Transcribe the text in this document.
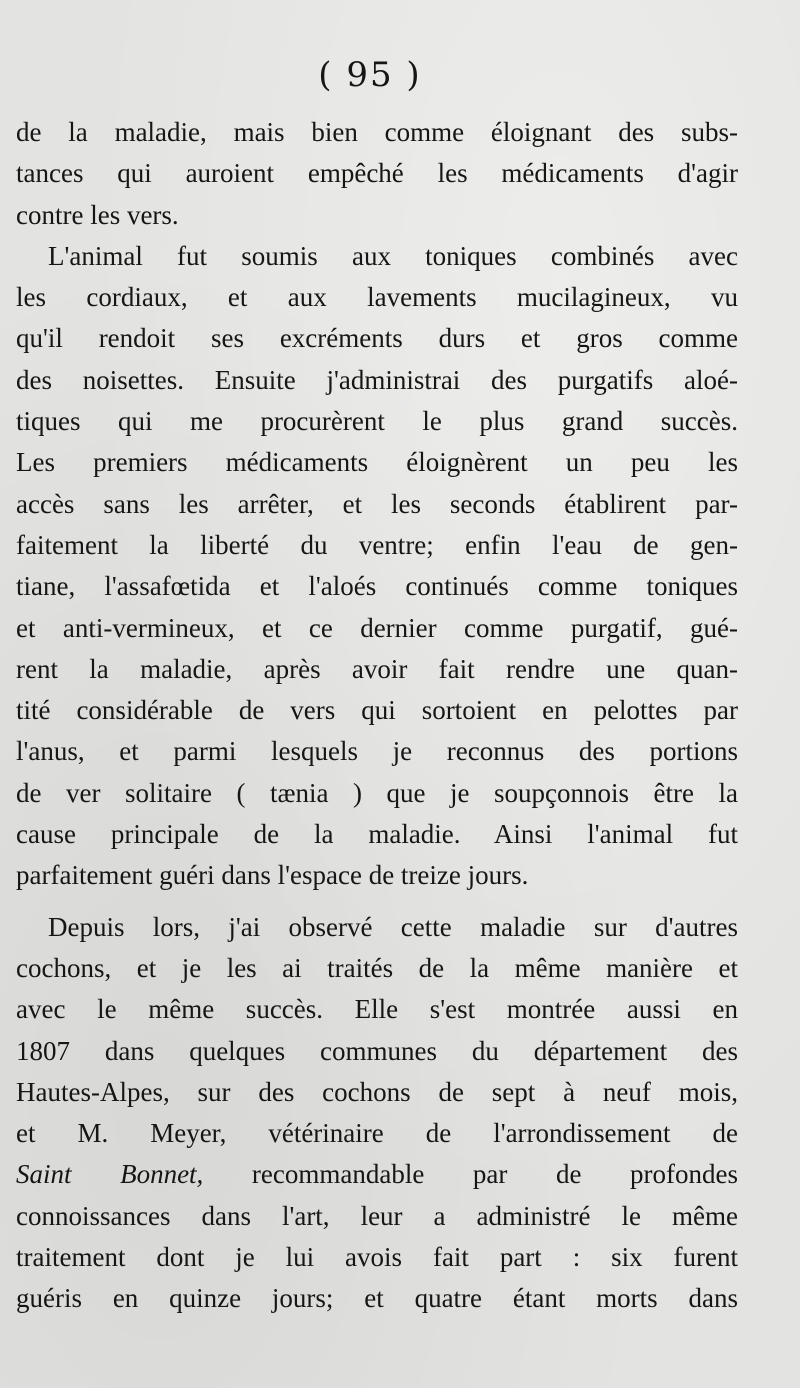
( 95 )
de la maladie, mais bien comme éloignant des subs-
tances qui auroient empêché les médicaments d'agir
contre les vers.
L'animal fut soumis aux toniques combinés avec
les cordiaux, et aux lavements mucilagineux, vu
qu'il rendoit ses excréments durs et gros comme
des noisettes. Ensuite j'administrai des purgatifs aloé-
tiques qui me procurèrent le plus grand succès.
Les premiers médicaments éloignèrent un peu les
accès sans les arrêter, et les seconds établirent par-
faitement la liberté du ventre; enfin l'eau de gen-
tiane, l'assafœtida et l'aloés continués comme toniques
et anti-vermineux, et ce dernier comme purgatif, gué-
rent la maladie, après avoir fait rendre une quan-
tité considérable de vers qui sortoient en pelottes par
l'anus, et parmi lesquels je reconnus des portions
de ver solitaire ( tænia ) que je soupçonnois être la
cause principale de la maladie. Ainsi l'animal fut
parfaitement guéri dans l'espace de treize jours.
Depuis lors, j'ai observé cette maladie sur d'autres
cochons, et je les ai traités de la même manière et
avec le même succès. Elle s'est montrée aussi en
1807 dans quelques communes du département des
Hautes-Alpes, sur des cochons de sept à neuf mois,
et M. Meyer, vétérinaire de l'arrondissement de
Saint Bonnet, recommandable par de profondes
connoissances dans l'art, leur a administré le même
traitement dont je lui avois fait part : six furent
guéris en quinze jours; et quatre étant morts dans
